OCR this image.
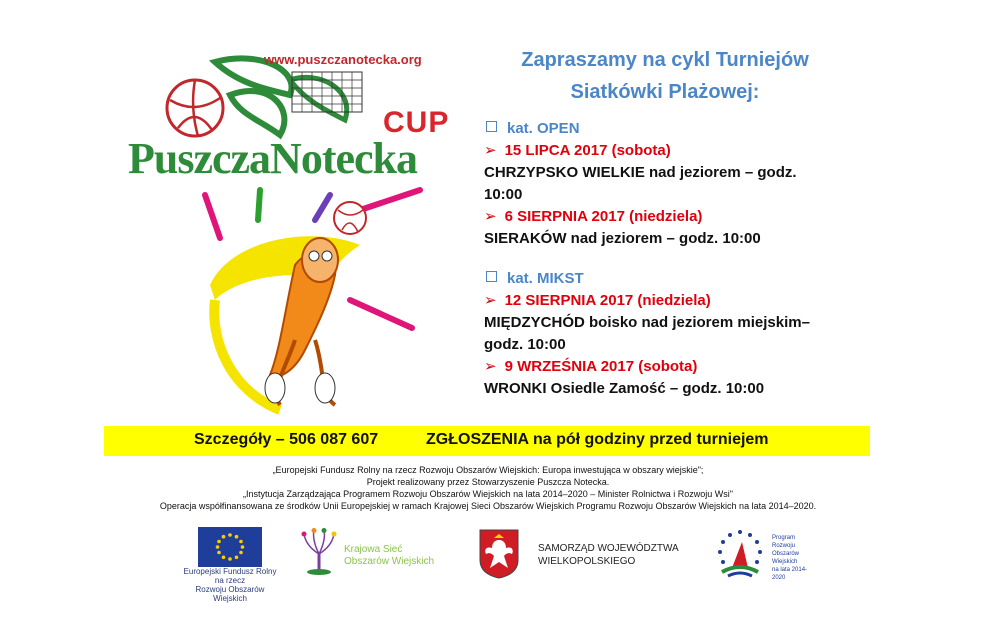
www.puszczanotecka.org
CUP
PuszczaNotecka
Zapraszamy na cykl Turniejów
Siatkówki Plażowej:
kat. OPEN
➢ 15 LIPCA 2017 (sobota)
CHRZYPSKO WIELKIE nad jeziorem – godz.
10:00
➢ 6 SIERPNIA 2017 (niedziela)
SIERAKÓW nad jeziorem – godz. 10:00
kat. MIKST
➢ 12 SIERPNIA 2017 (niedziela)
MIĘDZYCHÓD boisko nad jeziorem miejskim–
godz. 10:00
➢ 9 WRZEŚNIA 2017 (sobota)
WRONKI Osiedle Zamość – godz. 10:00
Szczegóły – 506 087 607	ZGŁOSZENIA na pół godziny przed turniejem
„Europejski Fundusz Rolny na rzecz Rozwoju Obszarów Wiejskich: Europa inwestująca w obszary wiejskie";
Projekt realizowany przez Stowarzyszenie Puszcza Notecka.
„Instytucja Zarządzająca Programem Rozwoju Obszarów Wiejskich na lata 2014–2020 – Minister Rolnictwa i Rozwoju Wsi"
Operacja współfinansowana ze środków Unii Europejskiej w ramach Krajowej Sieci Obszarów Wiejskich Programu Rozwoju Obszarów Wiejskich na lata 2014–2020.
Europejski Fundusz Rolny na rzecz
Rozwoju Obszarów Wiejskich
Krajowa Sieć
Obszarów Wiejskich
SAMORZĄD WOJEWÓDZTWA
WIELKOPOLSKIEGO
Program
Rozwoju
Obszarów
Wiejskich
na lata 2014-2020
